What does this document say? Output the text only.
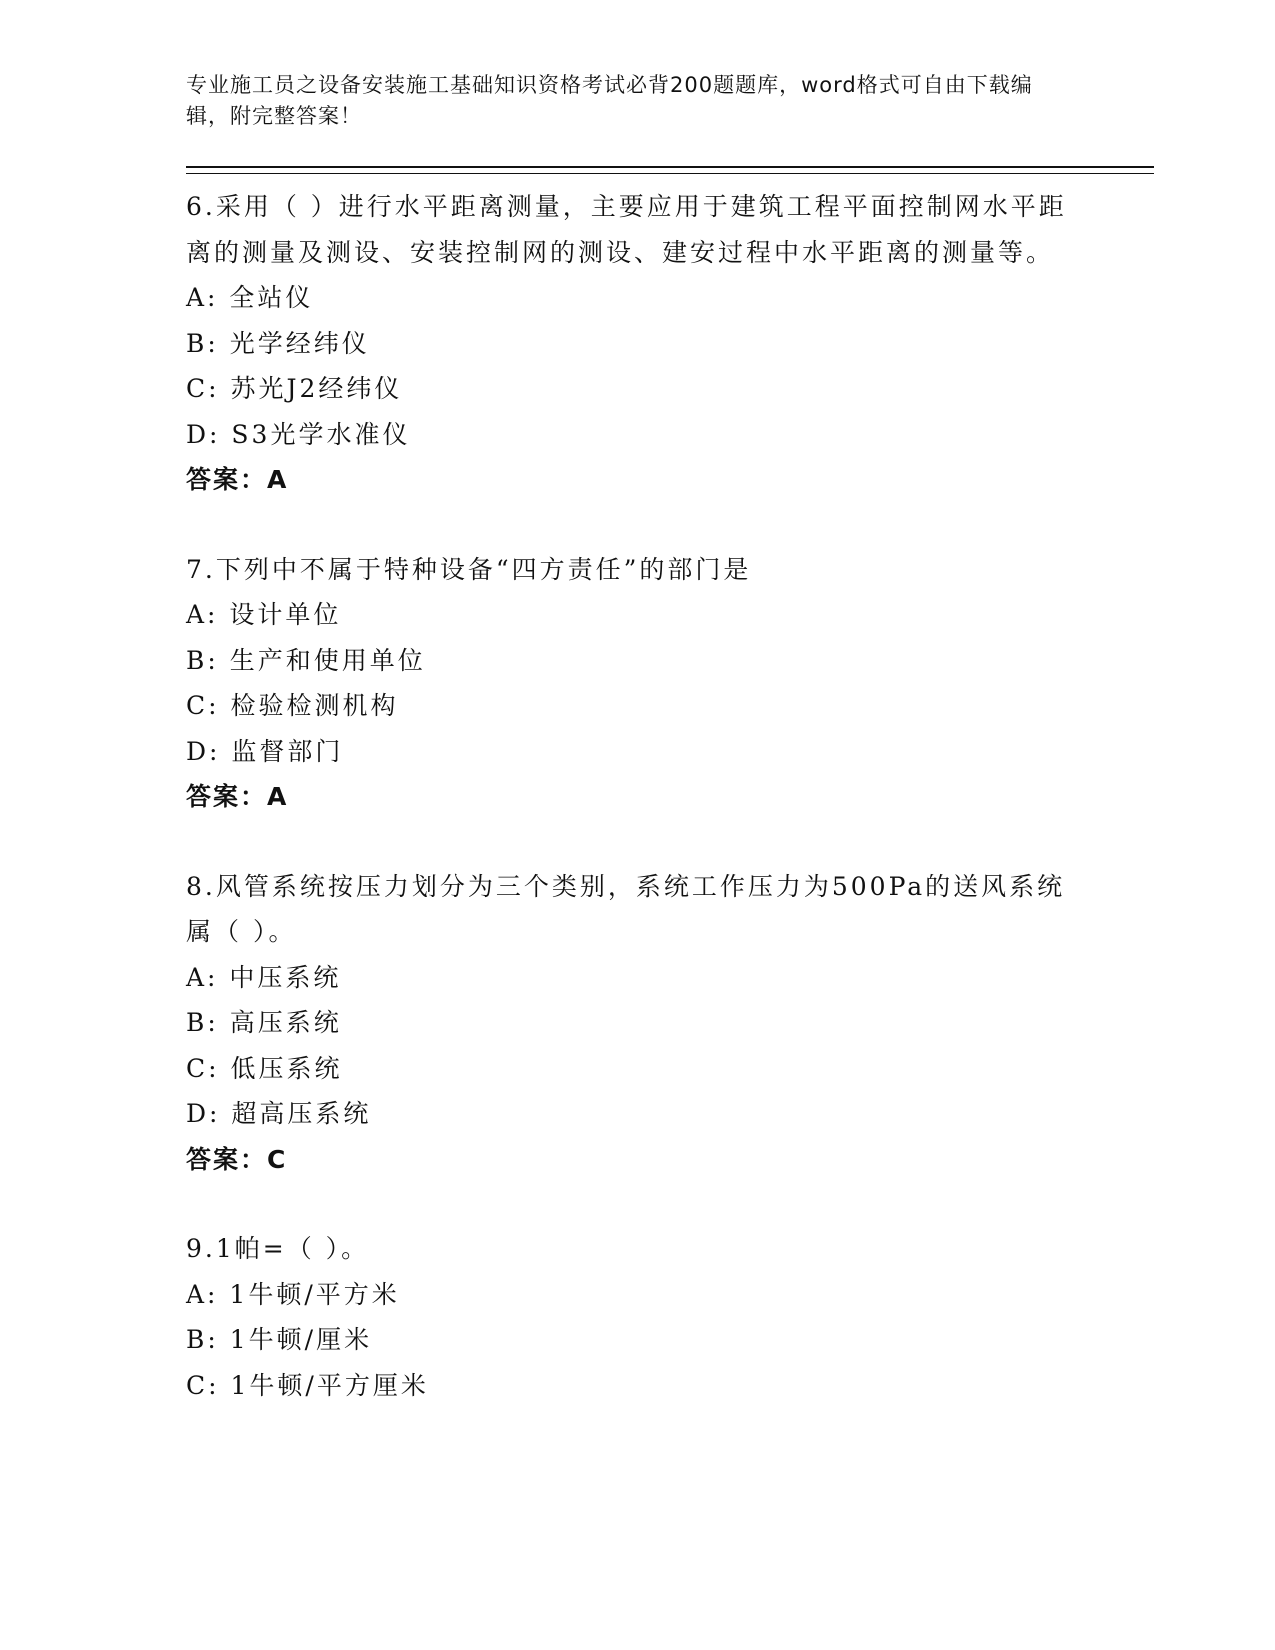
专业施工员之设备安装施工基础知识资格考试必背200题题库，word格式可自由下载编辑，附完整答案！

6.采用（ ）进行水平距离测量，主要应用于建筑工程平面控制网水平距离的测量及测设、安装控制网的测设、建安过程中水平距离的测量等。

A: 全站仪

B: 光学经纬仪

C: 苏光J2经纬仪

D: S3光学水准仪

答案：A

7.下列中不属于特种设备“四方责任”的部门是

A: 设计单位

B: 生产和使用单位

C: 检验检测机构

D: 监督部门

答案：A

8.风管系统按压力划分为三个类别，系统工作压力为500Pa的送风系统属（ ）。

A: 中压系统

B: 高压系统

C: 低压系统

D: 超高压系统

答案：C

9.1帕=（ ）。

A: 1牛顿/平方米

B: 1牛顿/厘米

C: 1牛顿/平方厘米
